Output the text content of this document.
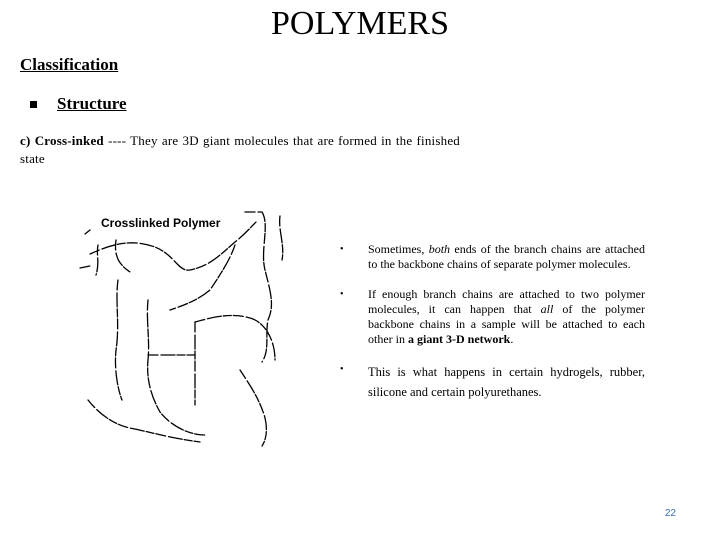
POLYMERS
Classification
Structure
c) Cross-inked ---- They are 3D giant molecules that are formed in the finished state
Crosslinked Polymer
•	Sometimes, both ends of the branch chains are attached to the backbone chains of separate polymer molecules.
•	If enough branch chains are attached to two polymer molecules, it can happen that all of the polymer backbone chains in a sample will be attached to each other in a giant 3-D network.
•	This is what happens in certain hydrogels, rubber, silicone and certain polyurethanes.
22
